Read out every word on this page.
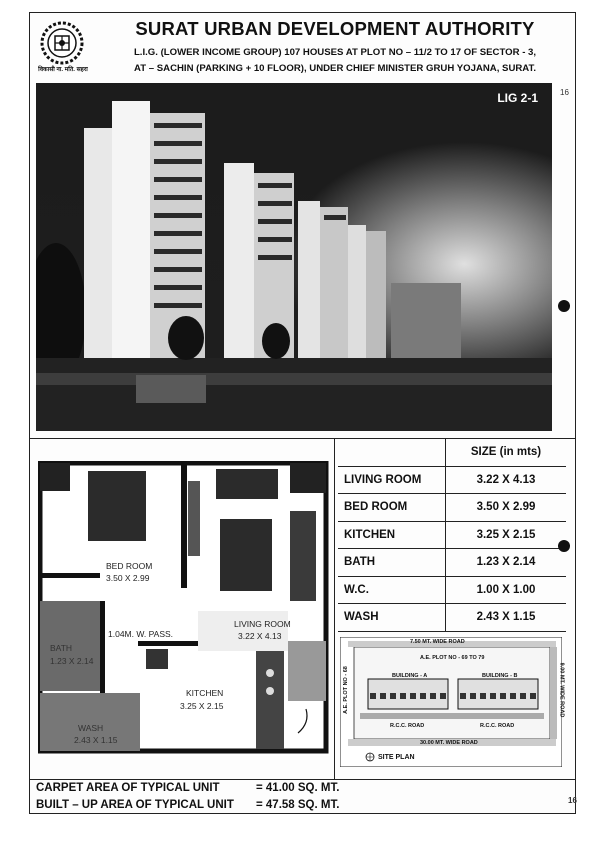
विकासी ना. मति. सहरा
SURAT URBAN DEVELOPMENT AUTHORITY
L.I.G. (LOWER INCOME GROUP) 107 HOUSES AT PLOT NO – 11/2 TO 17 OF SECTOR - 3,
AT – SACHIN (PARKING + 10 FLOOR), UNDER CHIEF MINISTER GRUH YOJANA, SURAT.
LIG 2-1
BED ROOM
3.50 X 2.99
1.04M. W. PASS.
LIVING ROOM
3.22 X 4.13
BATH
1.23 X 2.14
KITCHEN
3.25 X 2.15
WASH
2.43 X 1.15
SIZE (in mts)
LIVING ROOM	3.22 X 4.13
BED ROOM	3.50 X 2.99
KITCHEN	3.25 X 2.15
BATH	1.23 X 2.14
W.C.	1.00 X 1.00
WASH	2.43 X 1.15
7.50 MT. WIDE ROAD
A.E. PLOT NO - 69 TO 79
BUILDING - A	BUILDING - B
R.C.C. ROAD	R.C.C. ROAD
30.00 MT. WIDE ROAD
A.E. PLOT NO - 68	9.00 MT. WIDE ROAD
SITE PLAN
CARPET AREA OF TYPICAL UNIT	= 41.00 SQ. MT.
BUILT – UP AREA OF TYPICAL UNIT = 47.58 SQ. MT.
16
16
